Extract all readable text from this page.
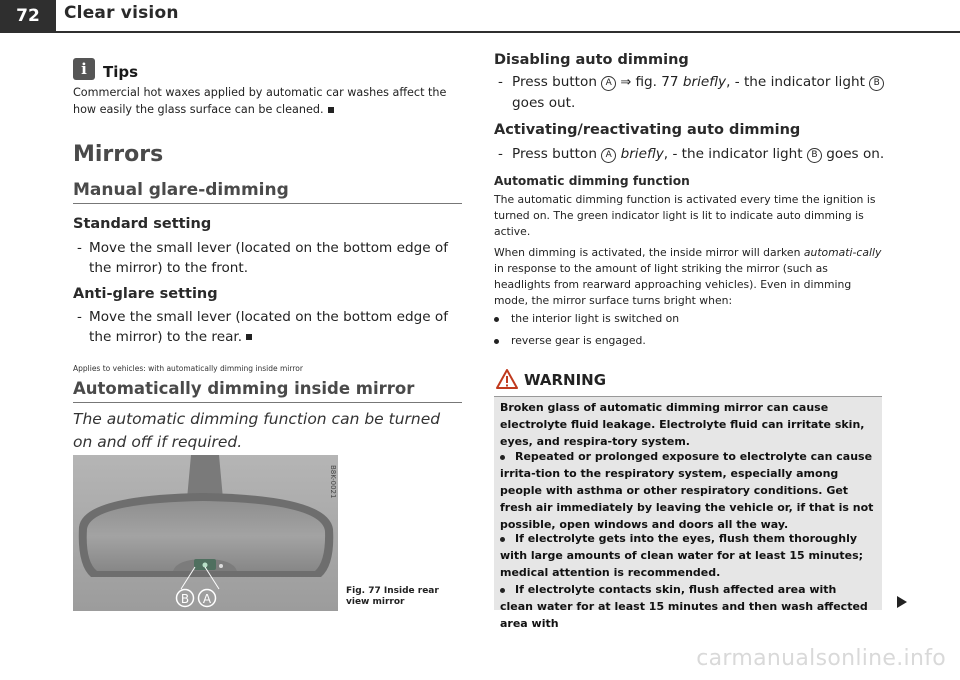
72	Clear vision
i	Tips
Commercial hot waxes applied by automatic car washes affect the how easily the glass surface can be cleaned.
Mirrors
Manual glare-dimming
Standard setting
- Move the small lever (located on the bottom edge of the mirror) to the front.
Anti-glare setting
- Move the small lever (located on the bottom edge of the mirror) to the rear.
Applies to vehicles: with automatically dimming inside mirror
Automatically dimming inside mirror
The automatic dimming function can be turned on and off if required.
B A
B8K-0021
Fig. 77 Inside rear
view mirror
Disabling auto dimming
- Press button A ⇒ fig. 77 briefly, - the indicator light B
goes out.
Activating/reactivating auto dimming
- Press button A briefly, - the indicator light B goes on.
Automatic dimming function
The automatic dimming function is activated every time the ignition is turned on. The green indicator light is lit to indicate auto dimming is active.
When dimming is activated, the inside mirror will darken automati-cally in response to the amount of light striking the mirror (such as headlights from rearward approaching vehicles). Even in dimming mode, the mirror surface turns bright when:
the interior light is switched on
reverse gear is engaged.
WARNING
Broken glass of automatic dimming mirror can cause electrolyte fluid leakage. Electrolyte fluid can irritate skin, eyes, and respira-tory system.
Repeated or prolonged exposure to electrolyte can cause irrita-tion to the respiratory system, especially among people with asthma or other respiratory conditions. Get fresh air immediately by leaving the vehicle or, if that is not possible, open windows and doors all the way.
If electrolyte gets into the eyes, flush them thoroughly with large amounts of clean water for at least 15 minutes; medical attention is recommended.
If electrolyte contacts skin, flush affected area with clean water for at least 15 minutes and then wash affected area with
carmanualsonline.info
